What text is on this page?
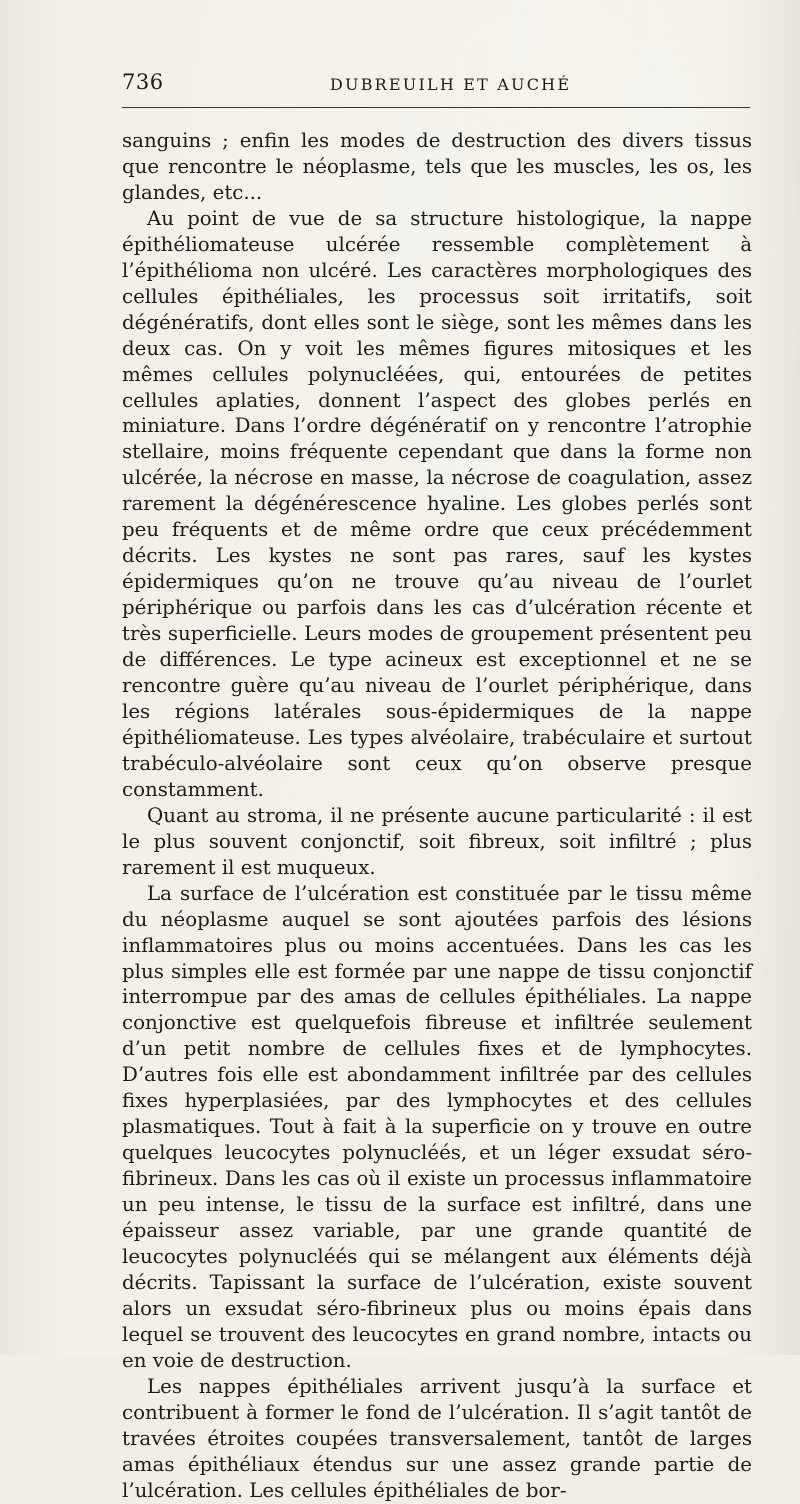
736	DUBREUILH ET AUCHÉ

sanguins ; enfin les modes de destruction des divers tissus que rencontre le néoplasme, tels que les muscles, les os, les glandes, etc...

Au point de vue de sa structure histologique, la nappe épithéliomateuse ulcérée ressemble complètement à l’épithélioma non ulcéré. Les caractères morphologiques des cellules épithéliales, les processus soit irritatifs, soit dégénératifs, dont elles sont le siège, sont les mêmes dans les deux cas. On y voit les mêmes figures mitosiques et les mêmes cellules polynucléées, qui, entourées de petites cellules aplaties, donnent l’aspect des globes perlés en miniature. Dans l’ordre dégénératif on y rencontre l’atrophie stellaire, moins fréquente cependant que dans la forme non ulcérée, la nécrose en masse, la nécrose de coagulation, assez rarement la dégénérescence hyaline. Les globes perlés sont peu fréquents et de même ordre que ceux précédemment décrits. Les kystes ne sont pas rares, sauf les kystes épidermiques qu’on ne trouve qu’au niveau de l’ourlet périphérique ou parfois dans les cas d’ulcération récente et très superficielle. Leurs modes de groupement présentent peu de différences. Le type acineux est exceptionnel et ne se rencontre guère qu’au niveau de l’ourlet périphérique, dans les régions latérales sous-épidermiques de la nappe épithéliomateuse. Les types alvéolaire, trabéculaire et surtout trabéculo-alvéolaire sont ceux qu’on observe presque constamment.

Quant au stroma, il ne présente aucune particularité : il est le plus souvent conjonctif, soit fibreux, soit infiltré ; plus rarement il est muqueux.

La surface de l’ulcération est constituée par le tissu même du néoplasme auquel se sont ajoutées parfois des lésions inflammatoires plus ou moins accentuées. Dans les cas les plus simples elle est formée par une nappe de tissu conjonctif interrompue par des amas de cellules épithéliales. La nappe conjonctive est quelquefois fibreuse et infiltrée seulement d’un petit nombre de cellules fixes et de lymphocytes. D’autres fois elle est abondamment infiltrée par des cellules fixes hyperplasiées, par des lymphocytes et des cellules plasmatiques. Tout à fait à la superficie on y trouve en outre quelques leucocytes polynucléés, et un léger exsudat séro-fibrineux. Dans les cas où il existe un processus inflammatoire un peu intense, le tissu de la surface est infiltré, dans une épaisseur assez variable, par une grande quantité de leucocytes polynucléés qui se mélangent aux éléments déjà décrits. Tapissant la surface de l’ulcération, existe souvent alors un exsudat séro-fibrineux plus ou moins épais dans lequel se trouvent des leucocytes en grand nombre, intacts ou en voie de destruction.

Les nappes épithéliales arrivent jusqu’à la surface et contribuent à former le fond de l’ulcération. Il s’agit tantôt de travées étroites coupées transversalement, tantôt de larges amas épithéliaux étendus sur une assez grande partie de l’ulcération. Les cellules épithéliales de bor-
